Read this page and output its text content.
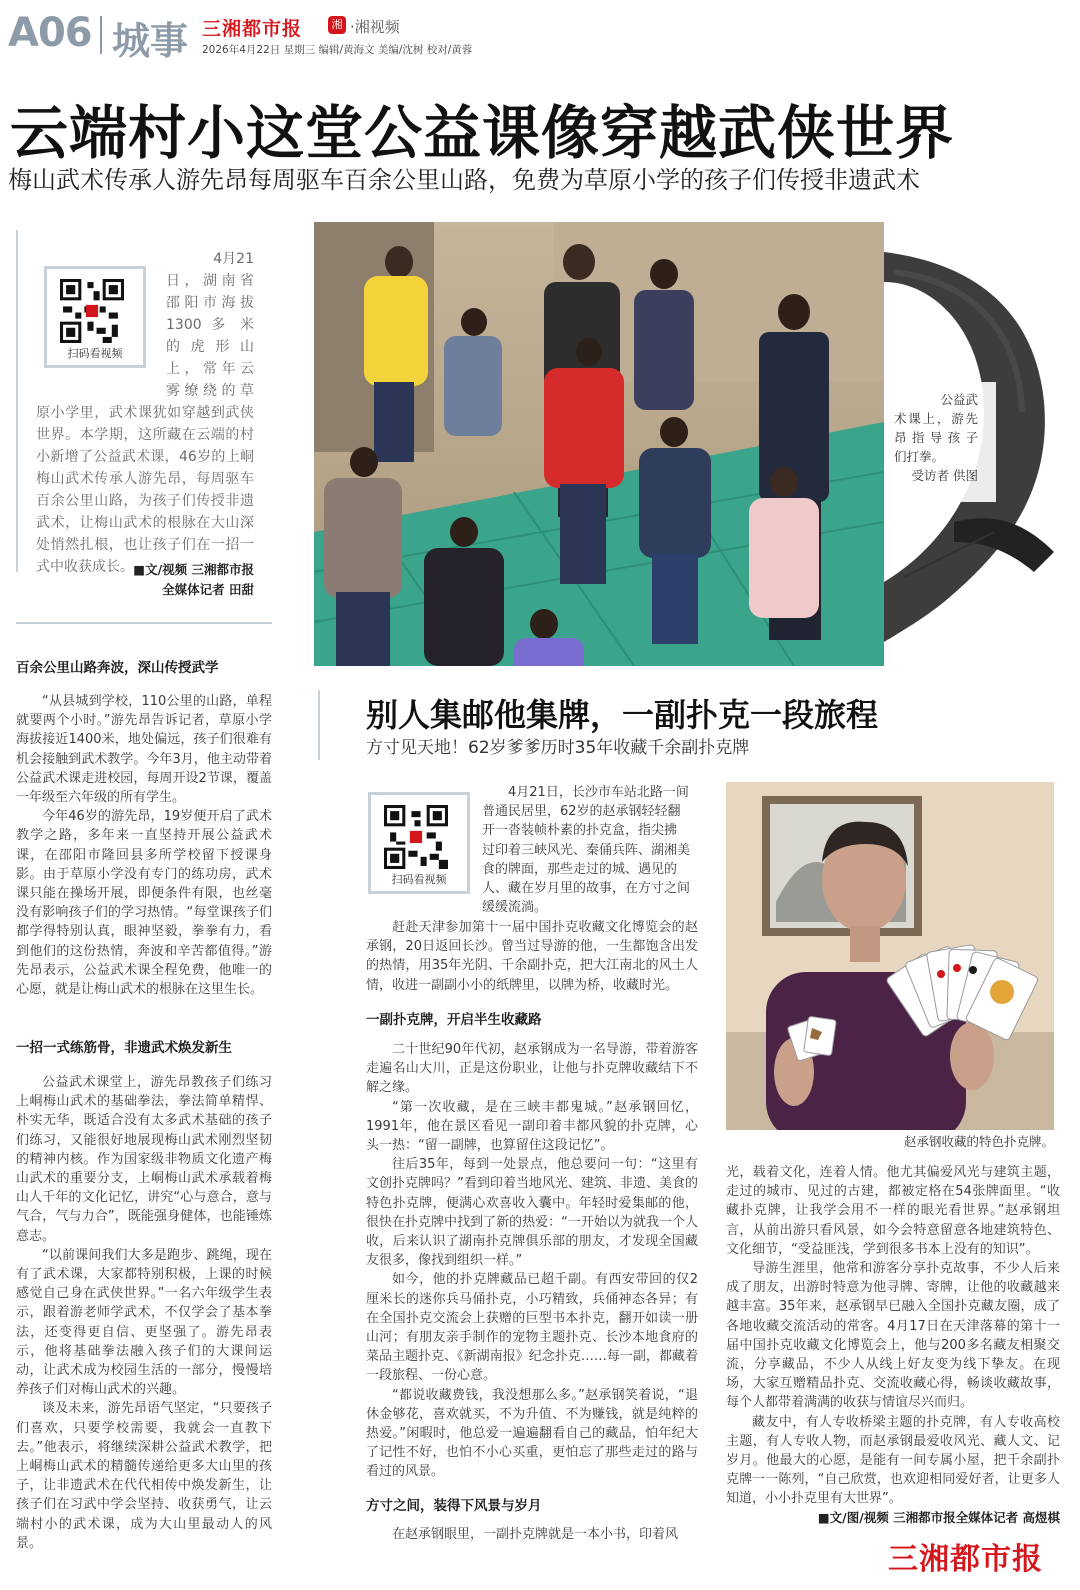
A06 城事 三湘都市报	湘 ·湘视频
2026年4月22日 星期三 编辑/黄海文 美编/沈树 校对/黄蓉
云端村小这堂公益课像穿越武侠世界
梅山武术传承人游先昂每周驱车百余公里山路，免费为草原小学的孩子们传授非遗武术
扫码看视频
4月21
日，湖南省
邵阳市海拔
1300 多 米
的虎形山
上，常年云
雾缭绕的草
原小学里，武术课犹如穿越到武侠世界。本学期，这所藏在云端的村小新增了公益武术课，46岁的上峒梅山武术传承人游先昂，每周驱车百余公里山路，为孩子们传授非遗武术，让梅山武术的根脉在大山深处悄然扎根，也让孩子们在一招一式中收获成长。 ■文/视频 三湘都市报
全媒体记者 田甜
公益武
术课上，游先
昂指导孩子
们打拳。
受访者 供图
百余公里山路奔波，深山传授武学

“从县城到学校，110公里的山路，单程就要两个小时。”游先昂告诉记者，草原小学海拔接近1400米，地处偏远，孩子们很难有机会接触到武术教学。今年3月，他主动带着公益武术课走进校园，每周开设2节课，覆盖一年级至六年级的所有学生。

今年46岁的游先昂，19岁便开启了武术教学之路，多年来一直坚持开展公益武术课，在邵阳市隆回县多所学校留下授课身影。由于草原小学没有专门的练功房，武术课只能在操场开展，即便条件有限，也丝毫没有影响孩子们的学习热情。“每堂课孩子们都学得特别认真，眼神坚毅，拳拳有力，看到他们的这份热情，奔波和辛苦都值得。”游先昂表示，公益武术课全程免费，他唯一的心愿，就是让梅山武术的根脉在这里生长。

一招一式练筋骨，非遗武术焕发新生

公益武术课堂上，游先昂教孩子们练习上峒梅山武术的基础拳法，拳法简单精悍、朴实无华，既适合没有太多武术基础的孩子们练习，又能很好地展现梅山武术刚烈坚韧的精神内核。作为国家级非物质文化遗产梅山武术的重要分支，上峒梅山武术承载着梅山人千年的文化记忆，讲究“心与意合，意与气合，气与力合”，既能强身健体，也能锤炼意志。

“以前课间我们大多是跑步、跳绳，现在有了武术课，大家都特别积极，上课的时候感觉自己身在武侠世界。”一名六年级学生表示，跟着游老师学武术，不仅学会了基本拳法，还变得更自信、更坚强了。游先昂表示，他将基础拳法融入孩子们的大课间运动，让武术成为校园生活的一部分，慢慢培养孩子们对梅山武术的兴趣。

谈及未来，游先昂语气坚定，“只要孩子们喜欢，只要学校需要，我就会一直教下去。”他表示，将继续深耕公益武术教学，把上峒梅山武术的精髓传递给更多大山里的孩子，让非遗武术在代代相传中焕发新生，让孩子们在习武中学会坚持、收获勇气，让云端村小的武术课，成为大山里最动人的风景。

别人集邮他集牌，一副扑克一段旅程
方寸见天地！62岁爹爹历时35年收藏千余副扑克牌
扫码看视频
4月21日，长沙市车站北路一间
普通民居里，62岁的赵承钢轻轻翻
开一沓装帧朴素的扑克盒，指尖拂
过印着三峡风光、秦俑兵阵、湖湘美
食的牌面，那些走过的城、遇见的
人、藏在岁月里的故事，在方寸之间
缓缓流淌。

赶赴天津参加第十一届中国扑克收藏文化博览会的赵承钢，20日返回长沙。曾当过导游的他，一生都饱含出发的热情，用35年光阴、千余副扑克，把大江南北的风土人情，收进一副副小小的纸牌里，以牌为桥，收藏时光。

一副扑克牌，开启半生收藏路

二十世纪90年代初，赵承钢成为一名导游，带着游客走遍名山大川，正是这份职业，让他与扑克牌收藏结下不解之缘。

“第一次收藏，是在三峡丰都鬼城。”赵承钢回忆，1991年，他在景区看见一副印着丰都风貌的扑克牌，心头一热：“留一副牌，也算留住这段记忆”。

往后35年，每到一处景点，他总要问一句：“这里有文创扑克牌吗？”看到印着当地风光、建筑、非遗、美食的特色扑克牌，便满心欢喜收入囊中。年轻时爱集邮的他，很快在扑克牌中找到了新的热爱：“一开始以为就我一个人收，后来认识了湖南扑克牌俱乐部的朋友，才发现全国藏友很多，像找到组织一样。”

如今，他的扑克牌藏品已超千副。有西安带回的仅2厘米长的迷你兵马俑扑克，小巧精致，兵俑神态各异；有在全国扑克交流会上获赠的巨型书本扑克，翻开如读一册山河；有朋友亲手制作的宠物主题扑克、长沙本地食府的菜品主题扑克、《新湖南报》纪念扑克……每一副，都藏着一段旅程、一份心意。

“都说收藏费钱，我没想那么多。”赵承钢笑着说，“退休金够花，喜欢就买，不为升值、不为赚钱，就是纯粹的热爱。”闲暇时，他总爱一遍遍翻看自己的藏品，怕年纪大了记性不好，也怕不小心买重，更怕忘了那些走过的路与看过的风景。

方寸之间，装得下风景与岁月

在赵承钢眼里，一副扑克牌就是一本小书，印着风

赵承钢收藏的特色扑克牌。

光，载着文化，连着人情。他尤其偏爱风光与建筑主题，走过的城市、见过的古建，都被定格在54张牌面里。“收藏扑克牌，让我学会用不一样的眼光看世界。”赵承钢坦言，从前出游只看风景，如今会特意留意各地建筑特色、文化细节，“受益匪浅，学到很多书本上没有的知识”。

导游生涯里，他常和游客分享扑克故事，不少人后来成了朋友，出游时特意为他寻牌、寄牌，让他的收藏越来越丰富。35年来，赵承钢早已融入全国扑克藏友圈，成了各地收藏交流活动的常客。4月17日在天津落幕的第十一届中国扑克收藏文化博览会上，他与200多名藏友相聚交流，分享藏品，不少人从线上好友变为线下挚友。在现场，大家互赠精品扑克、交流收藏心得，畅谈收藏故事，每个人都带着满满的收获与情谊尽兴而归。

藏友中，有人专收桥梁主题的扑克牌，有人专收高校主题，有人专收人物，而赵承钢最爱收风光、藏人文、记岁月。他最大的心愿，是能有一间专属小屋，把千余副扑克牌一一陈列，“自己欣赏，也欢迎相同爱好者，让更多人知道，小小扑克里有大世界”。

■文/图/视频 三湘都市报全媒体记者 高煜棋
三湘都市报
